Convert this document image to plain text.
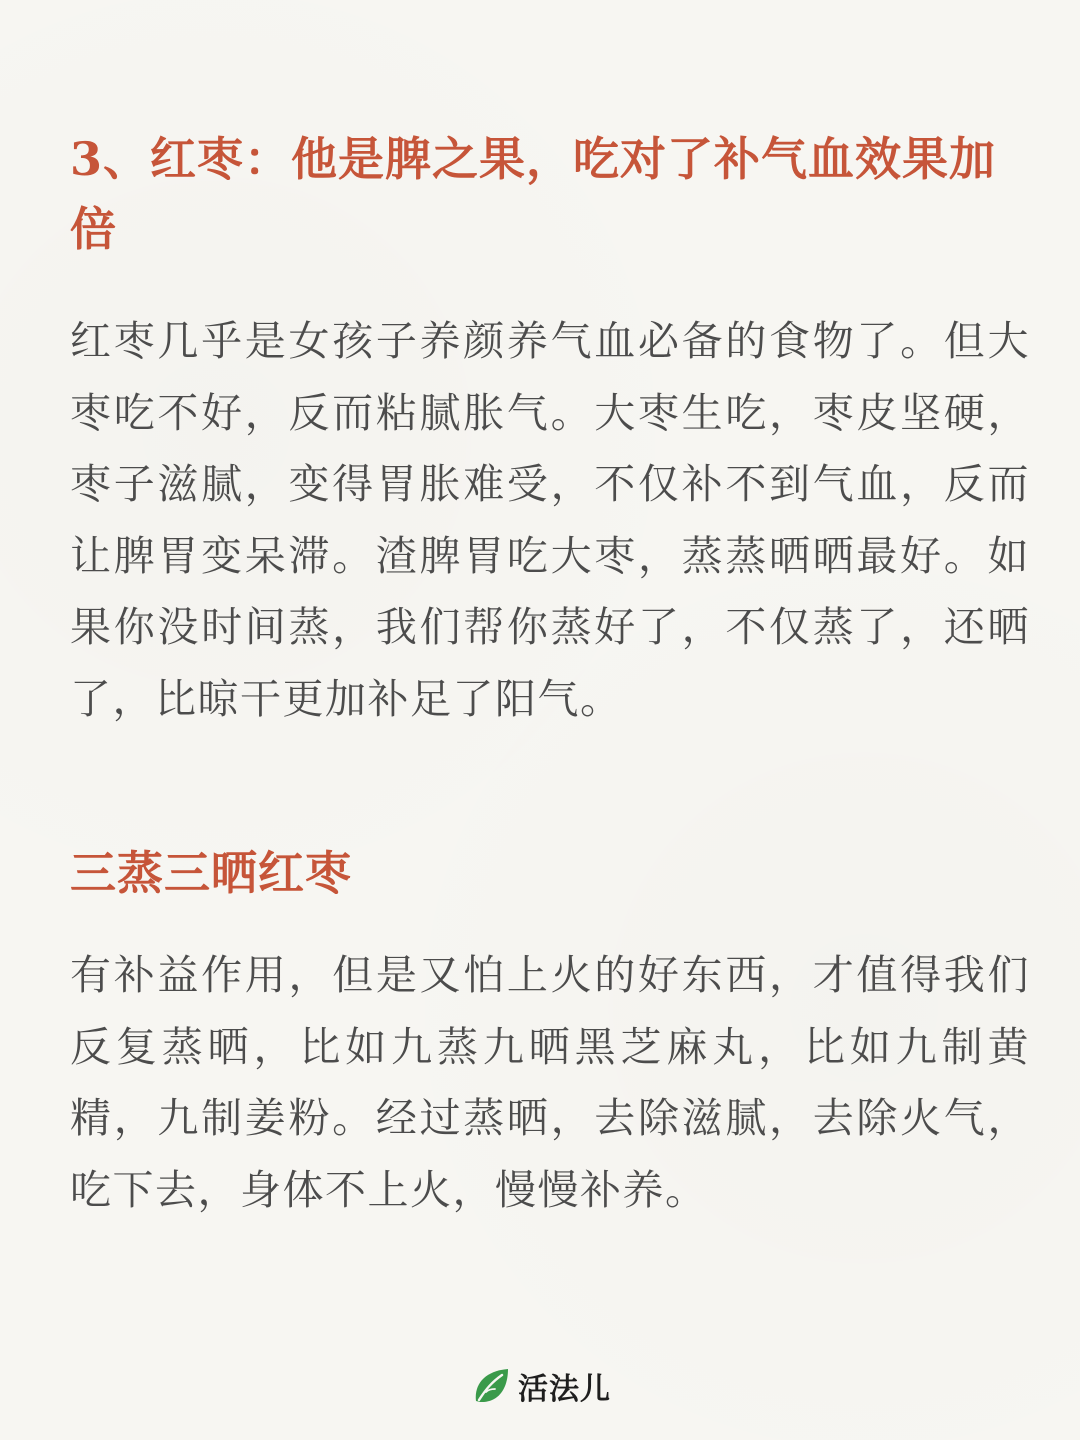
3、红枣：他是脾之果，吃对了补气血效果加倍

红枣几乎是女孩子养颜养气血必备的食物了。但大枣吃不好，反而粘腻胀气。大枣生吃，枣皮坚硬，枣子滋腻，变得胃胀难受，不仅补不到气血，反而让脾胃变呆滞。渣脾胃吃大枣，蒸蒸晒晒最好。如果你没时间蒸，我们帮你蒸好了，不仅蒸了，还晒了，比晾干更加补足了阳气。

三蒸三晒红枣

有补益作用，但是又怕上火的好东西，才值得我们反复蒸晒，比如九蒸九晒黑芝麻丸，比如九制黄精，九制姜粉。经过蒸晒，去除滋腻，去除火气，吃下去，身体不上火，慢慢补养。

活法儿
